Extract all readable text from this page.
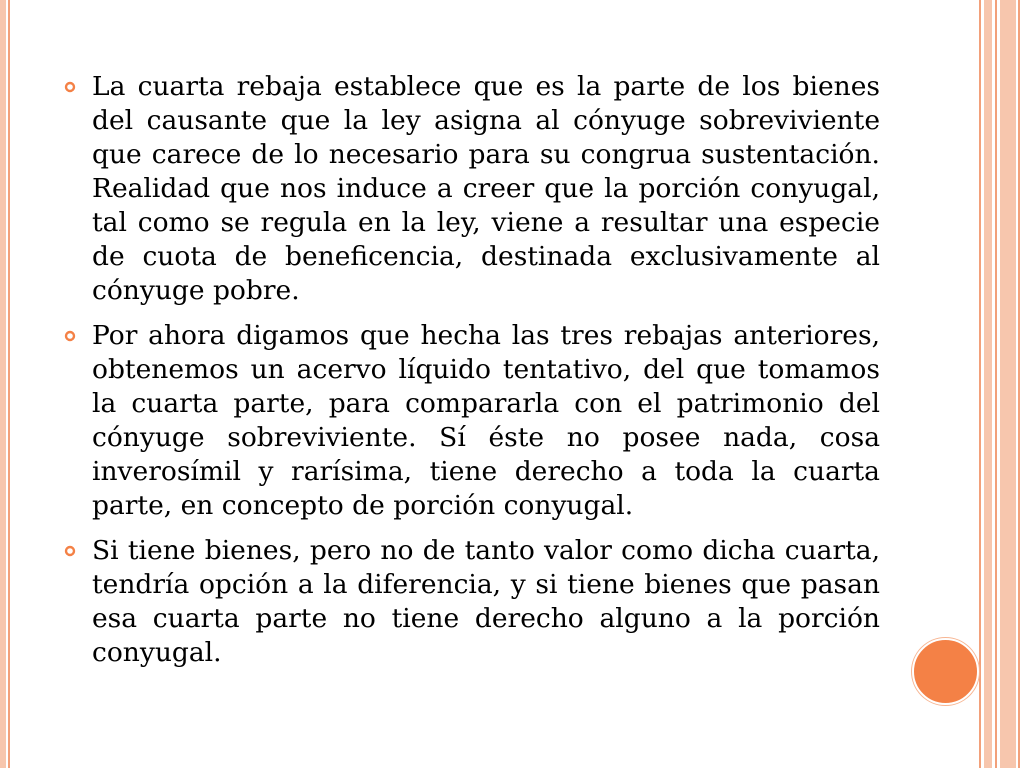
La cuarta rebaja establece que es la parte de los bienes del causante que la ley asigna al cónyuge sobreviviente que carece de lo necesario para su congrua sustentación. Realidad que nos induce a creer que la porción conyugal, tal como se regula en la ley, viene a resultar una especie de cuota de beneficencia, destinada exclusivamente al cónyuge pobre.
Por ahora digamos que hecha las tres rebajas anteriores, obtenemos un acervo líquido tentativo, del que tomamos la cuarta parte, para compararla con el patrimonio del cónyuge sobreviviente. Sí éste no posee nada, cosa inverosímil y rarísima, tiene derecho a toda la cuarta parte, en concepto de porción conyugal.
Si tiene bienes, pero no de tanto valor como dicha cuarta, tendría opción a la diferencia, y si tiene bienes que pasan esa cuarta parte no tiene derecho alguno a la porción conyugal.
